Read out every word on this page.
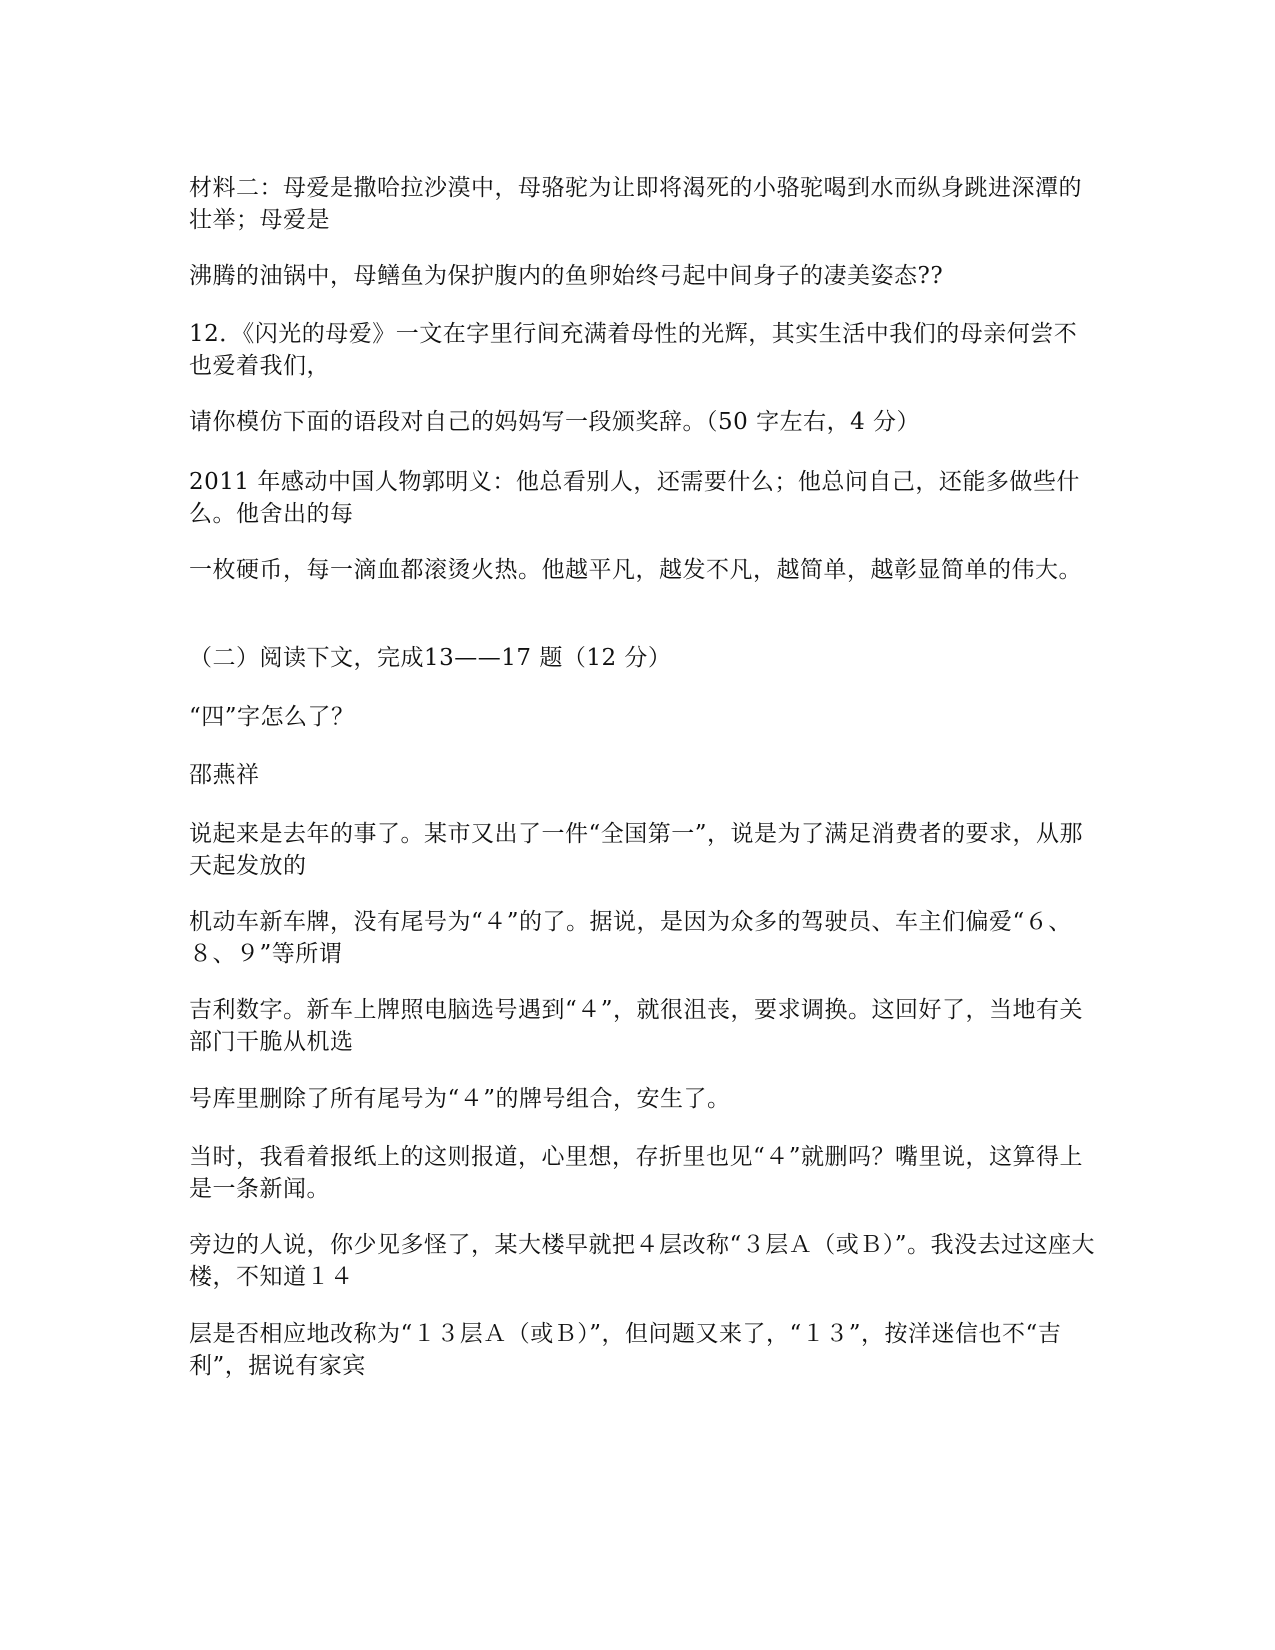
材料二：母爱是撒哈拉沙漠中，母骆驼为让即将渴死的小骆驼喝到水而纵身跳进深潭的壮举；母爱是

沸腾的油锅中，母鳝鱼为保护腹内的鱼卵始终弓起中间身子的凄美姿态??

12．《闪光的母爱》一文在字里行间充满着母性的光辉，其实生活中我们的母亲何尝不也爱着我们，

请你模仿下面的语段对自己的妈妈写一段颁奖辞。（50 字左右，4 分）

2011 年感动中国人物郭明义：他总看别人，还需要什么；他总问自己，还能多做些什么。他舍出的每

一枚硬币，每一滴血都滚烫火热。他越平凡，越发不凡，越简单，越彰显简单的伟大。

（二）阅读下文，完成13——17 题（12 分）

“四”字怎么了？

邵燕祥

说起来是去年的事了。某市又出了一件“全国第一”，说是为了满足消费者的要求，从那天起发放的

机动车新车牌，没有尾号为“４”的了。据说，是因为众多的驾驶员、车主们偏爱“６、８、９”等所谓

吉利数字。新车上牌照电脑选号遇到“４”，就很沮丧，要求调换。这回好了，当地有关部门干脆从机选

号库里删除了所有尾号为“４”的牌号组合，安生了。

当时，我看着报纸上的这则报道，心里想，存折里也见“４”就删吗？嘴里说，这算得上是一条新闻。

旁边的人说，你少见多怪了，某大楼早就把４层改称“３层Ａ（或Ｂ）”。我没去过这座大楼，不知道１４

层是否相应地改称为“１３层Ａ（或Ｂ）”，但问题又来了，“１３”，按洋迷信也不“吉利”，据说有家宾
